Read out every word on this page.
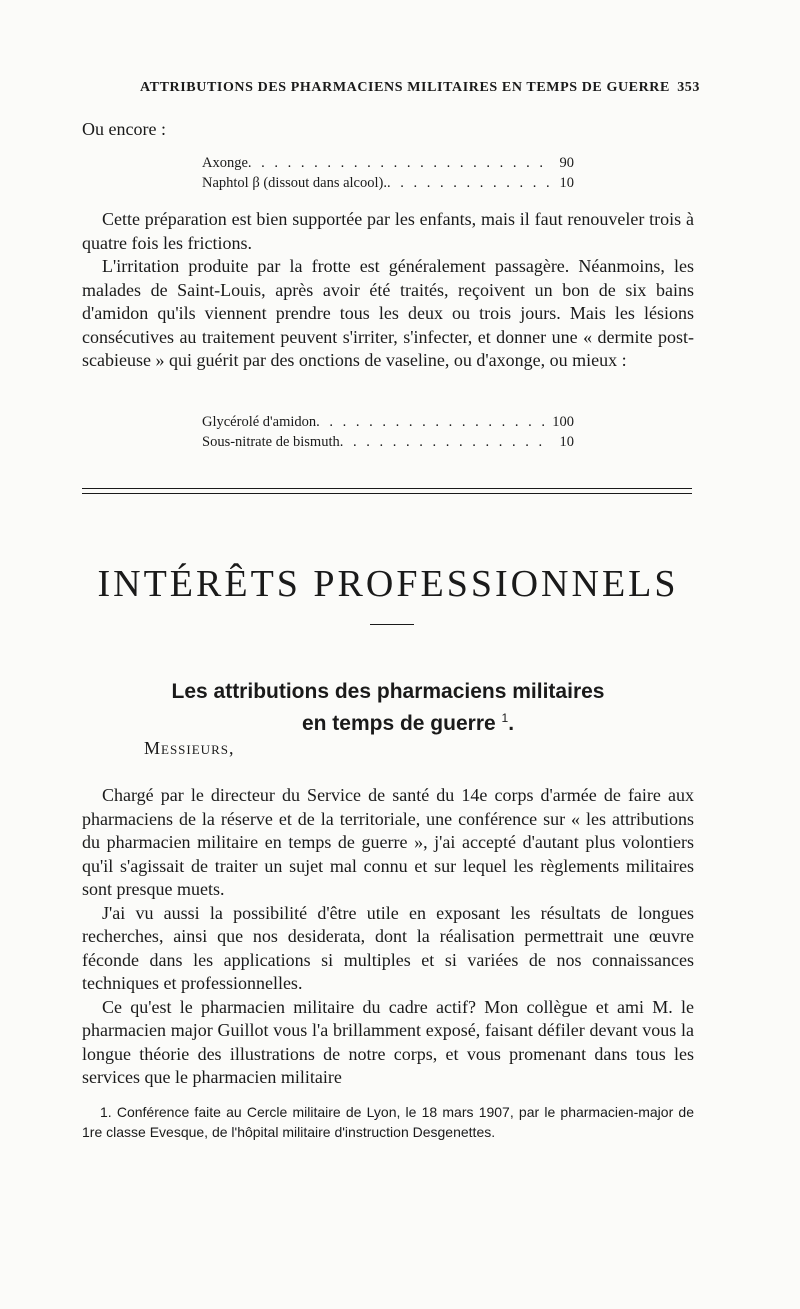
ATTRIBUTIONS DES PHARMACIENS MILITAIRES EN TEMPS DE GUERRE 353

Ou encore :

Axonge . . .	90
Naphtol β (dissout dans alcool). . . .	10

Cette préparation est bien supportée par les enfants, mais il faut renouveler trois à quatre fois les frictions.

L'irritation produite par la frotte est généralement passagère. Néanmoins, les malades de Saint-Louis, après avoir été traités, reçoivent un bon de six bains d'amidon qu'ils viennent prendre tous les deux ou trois jours. Mais les lésions consécutives au traitement peuvent s'irriter, s'infecter, et donner une « dermite post-scabieuse » qui guérit par des onctions de vaseline, ou d'axonge, ou mieux :

Glycérolé d'amidon . . .	100
Sous-nitrate de bismuth . . .	10
INTÉRÊTS PROFESSIONNELS
Les attributions des pharmaciens militaires
en temps de guerre $^1$.
Messieurs,

Chargé par le directeur du Service de santé du 14e corps d'armée de faire aux pharmaciens de la réserve et de la territoriale, une conférence sur « les attributions du pharmacien militaire en temps de guerre », j'ai accepté d'autant plus volontiers qu'il s'agissait de traiter un sujet mal connu et sur lequel les règlements militaires sont presque muets.

J'ai vu aussi la possibilité d'être utile en exposant les résultats de longues recherches, ainsi que nos desiderata, dont la réalisation permettrait une œuvre féconde dans les applications si multiples et si variées de nos connaissances techniques et professionnelles.

Ce qu'est le pharmacien militaire du cadre actif? Mon collègue et ami M. le pharmacien major Guillot vous l'a brillamment exposé, faisant défiler devant vous la longue théorie des illustrations de notre corps, et vous promenant dans tous les services que le pharmacien militaire

1. Conférence faite au Cercle militaire de Lyon, le 18 mars 1907, par le pharmacien-major de 1re classe Evesque, de l'hôpital militaire d'instruction Desgenettes.
